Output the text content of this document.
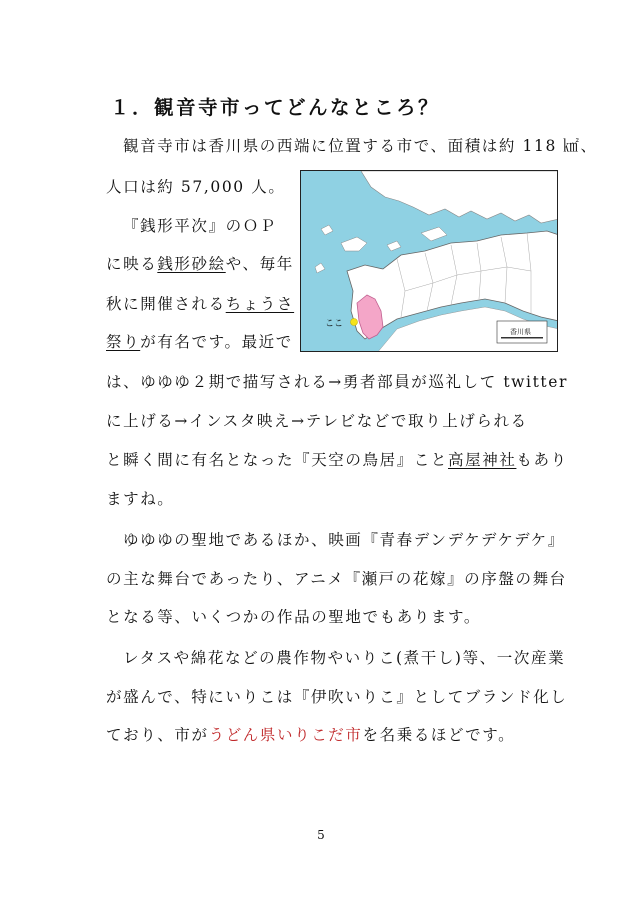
１．観音寺市ってどんなところ？
観音寺市は香川県の西端に位置する市で、面積は約 118 ㎢、
人口は約 57,000 人。
『銭形平次』のＯＰ
に映る銭形砂絵や、毎年
秋に開催されるちょうさ
祭りが有名です。最近で
は、ゆゆゆ２期で描写される→勇者部員が巡礼して twitter
に上げる→インスタ映え→テレビなどで取り上げられる
と瞬く間に有名となった『天空の鳥居』こと高屋神社もあり
ますね。
ゆゆゆの聖地であるほか、映画『青春デンデケデケデケ』
の主な舞台であったり、アニメ『瀬戸の花嫁』の序盤の舞台
となる等、いくつかの作品の聖地でもあります。
レタスや綿花などの農作物やいりこ(煮干し)等、一次産業
が盛んで、特にいりこは『伊吹いりこ』としてブランド化し
ており、市がうどん県いりこだ市を名乗るほどです。
ここ
香川県
5
